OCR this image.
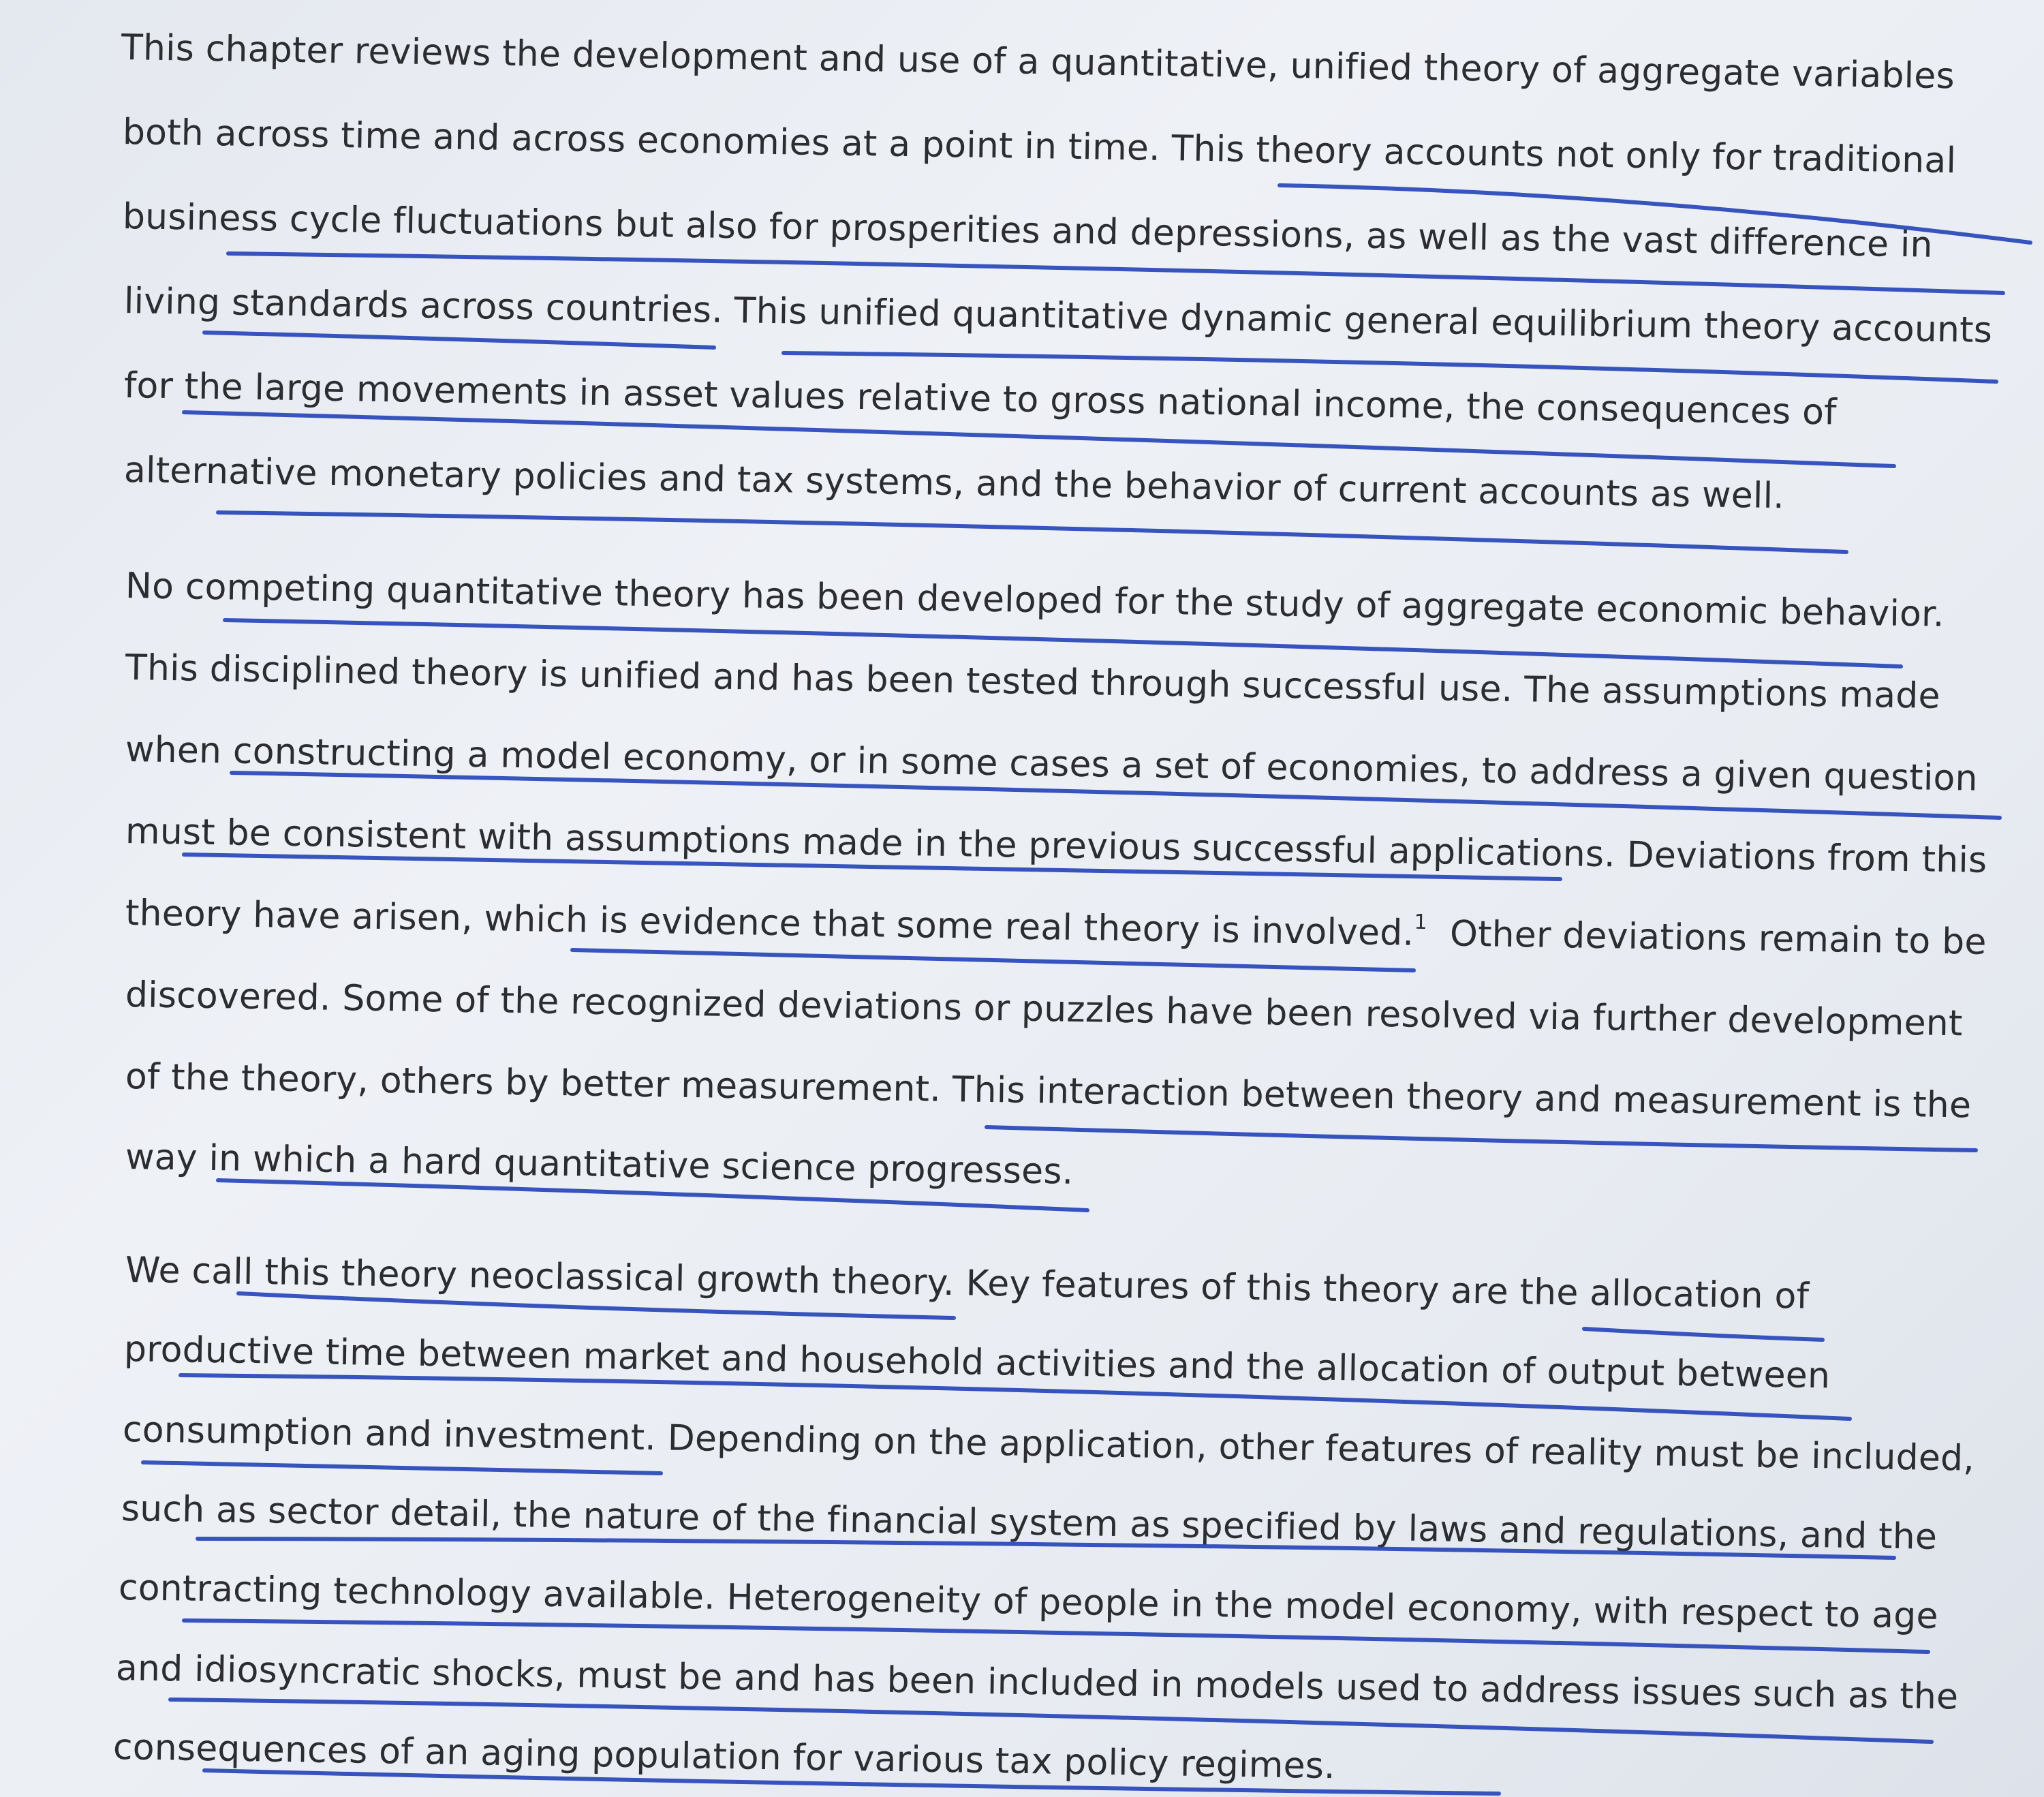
This chapter reviews the development and use of a quantitative, unified theory of aggregate variables
both across time and across economies at a point in time. This theory accounts not only for traditional
business cycle fluctuations but also for prosperities and depressions, as well as the vast difference in
living standards across countries. This unified quantitative dynamic general equilibrium theory accounts
for the large movements in asset values relative to gross national income, the consequences of
alternative monetary policies and tax systems, and the behavior of current accounts as well.
No competing quantitative theory has been developed for the study of aggregate economic behavior.
This disciplined theory is unified and has been tested through successful use. The assumptions made
when constructing a model economy, or in some cases a set of economies, to address a given question
must be consistent with assumptions made in the previous successful applications. Deviations from this
theory have arisen, which is evidence that some real theory is involved.$^1$ Other deviations remain to be
discovered. Some of the recognized deviations or puzzles have been resolved via further development
of the theory, others by better measurement. This interaction between theory and measurement is the
way in which a hard quantitative science progresses.
We call this theory neoclassical growth theory. Key features of this theory are the allocation of
productive time between market and household activities and the allocation of output between
consumption and investment. Depending on the application, other features of reality must be included,
such as sector detail, the nature of the financial system as specified by laws and regulations, and the
contracting technology available. Heterogeneity of people in the model economy, with respect to age
and idiosyncratic shocks, must be and has been included in models used to address issues such as the
consequences of an aging population for various tax policy regimes.
